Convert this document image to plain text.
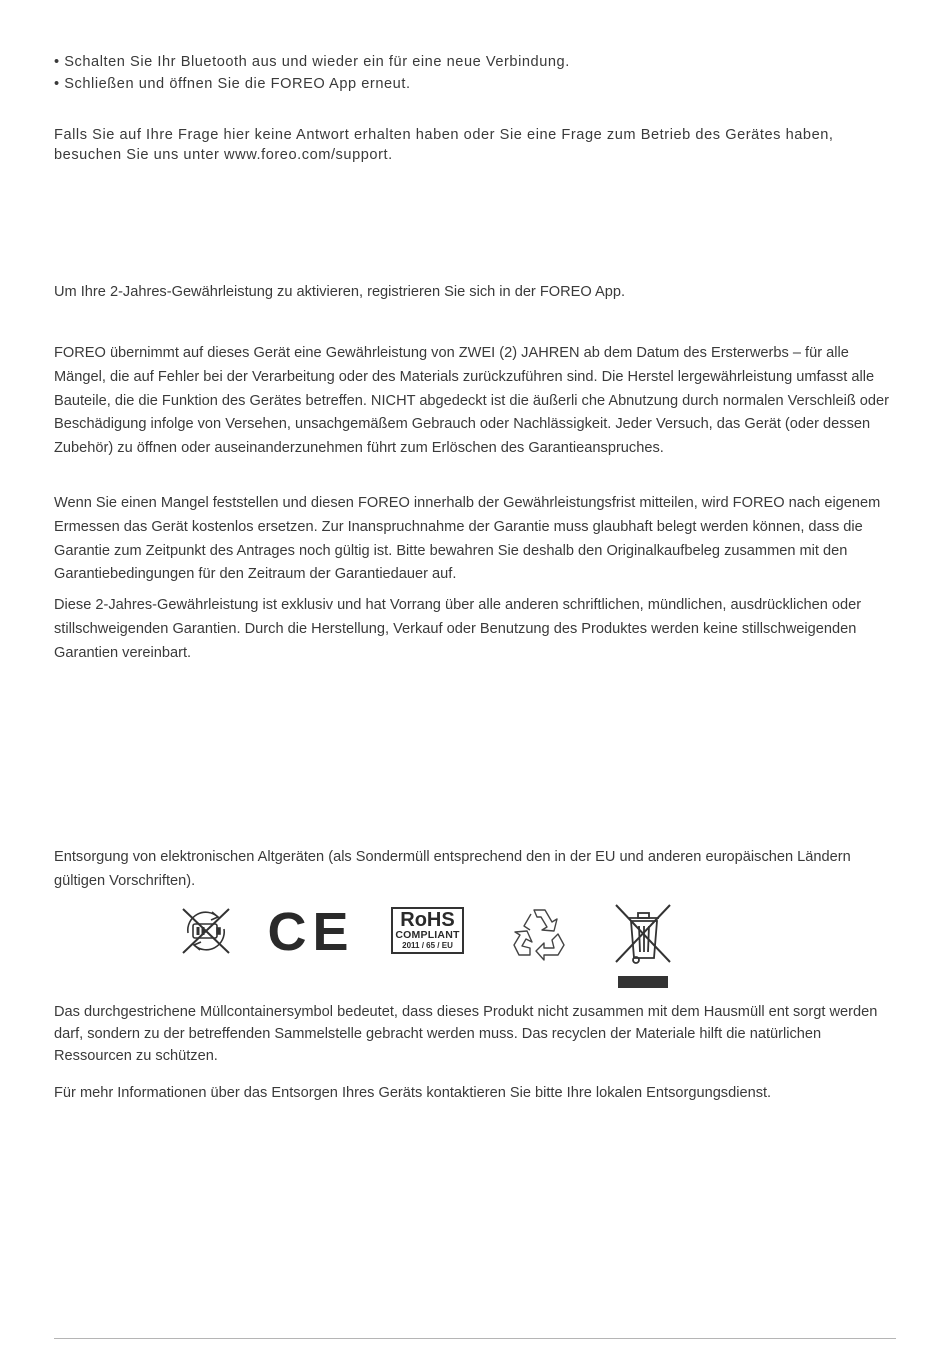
• Schalten Sie Ihr Bluetooth aus und wieder ein für eine neue Verbindung.

• Schließen und öffnen Sie die FOREO App erneut.

Falls Sie auf Ihre Frage hier keine Antwort erhalten haben oder Sie eine Frage zum Betrieb des Gerätes haben, besuchen Sie uns unter www.foreo.com/support.

Um Ihre 2-Jahres-Gewährleistung zu aktivieren, registrieren Sie sich in der FOREO App.

FOREO übernimmt auf dieses Gerät eine Gewährleistung von ZWEI (2) JAHREN ab dem Datum des Ersterwerbs – für alle Mängel, die auf Fehler bei der Verarbeitung oder des Materials zurückzuführen sind. Die Herstel lergewährleistung umfasst alle Bauteile, die die Funktion des Gerätes betreffen. NICHT abgedeckt ist die äußerli che Abnutzung durch normalen Verschleiß oder Beschädigung infolge von Versehen, unsachgemäßem Gebrauch oder Nachlässigkeit. Jeder Versuch, das Gerät (oder dessen Zubehör) zu öffnen oder auseinanderzunehmen führt zum Erlöschen des Garantieanspruches.

Wenn Sie einen Mangel feststellen und diesen FOREO innerhalb der Gewährleistungsfrist mitteilen, wird FOREO nach eigenem Ermessen das Gerät kostenlos ersetzen. Zur Inanspruchnahme der Garantie muss glaubhaft belegt werden können, dass die Garantie zum Zeitpunkt des Antrages noch gültig ist. Bitte bewahren Sie deshalb den Originalkaufbeleg zusammen mit den Garantiebedingungen für den Zeitraum der Garantiedauer auf.

Diese 2-Jahres-Gewährleistung ist exklusiv und hat Vorrang über alle anderen schriftlichen, mündlichen, ausdrücklichen oder stillschweigenden Garantien. Durch die Herstellung, Verkauf oder Benutzung des Produktes werden keine stillschweigenden Garantien vereinbart.

Entsorgung von elektronischen Altgeräten (als Sondermüll entsprechend den in der EU und anderen europäischen Ländern gültigen Vorschriften).

CE	RoHS
COMPLIANT
2011 / 65 / EU

Das durchgestrichene Müllcontainersymbol bedeutet, dass dieses Produkt nicht zusammen mit dem Hausmüll ent sorgt werden darf, sondern zu der betreffenden Sammelstelle gebracht werden muss. Das recyclen der Materiale hilft die natürlichen Ressourcen zu schützen.

Für mehr Informationen über das Entsorgen Ihres Geräts kontaktieren Sie bitte Ihre lokalen Entsorgungsdienst.
